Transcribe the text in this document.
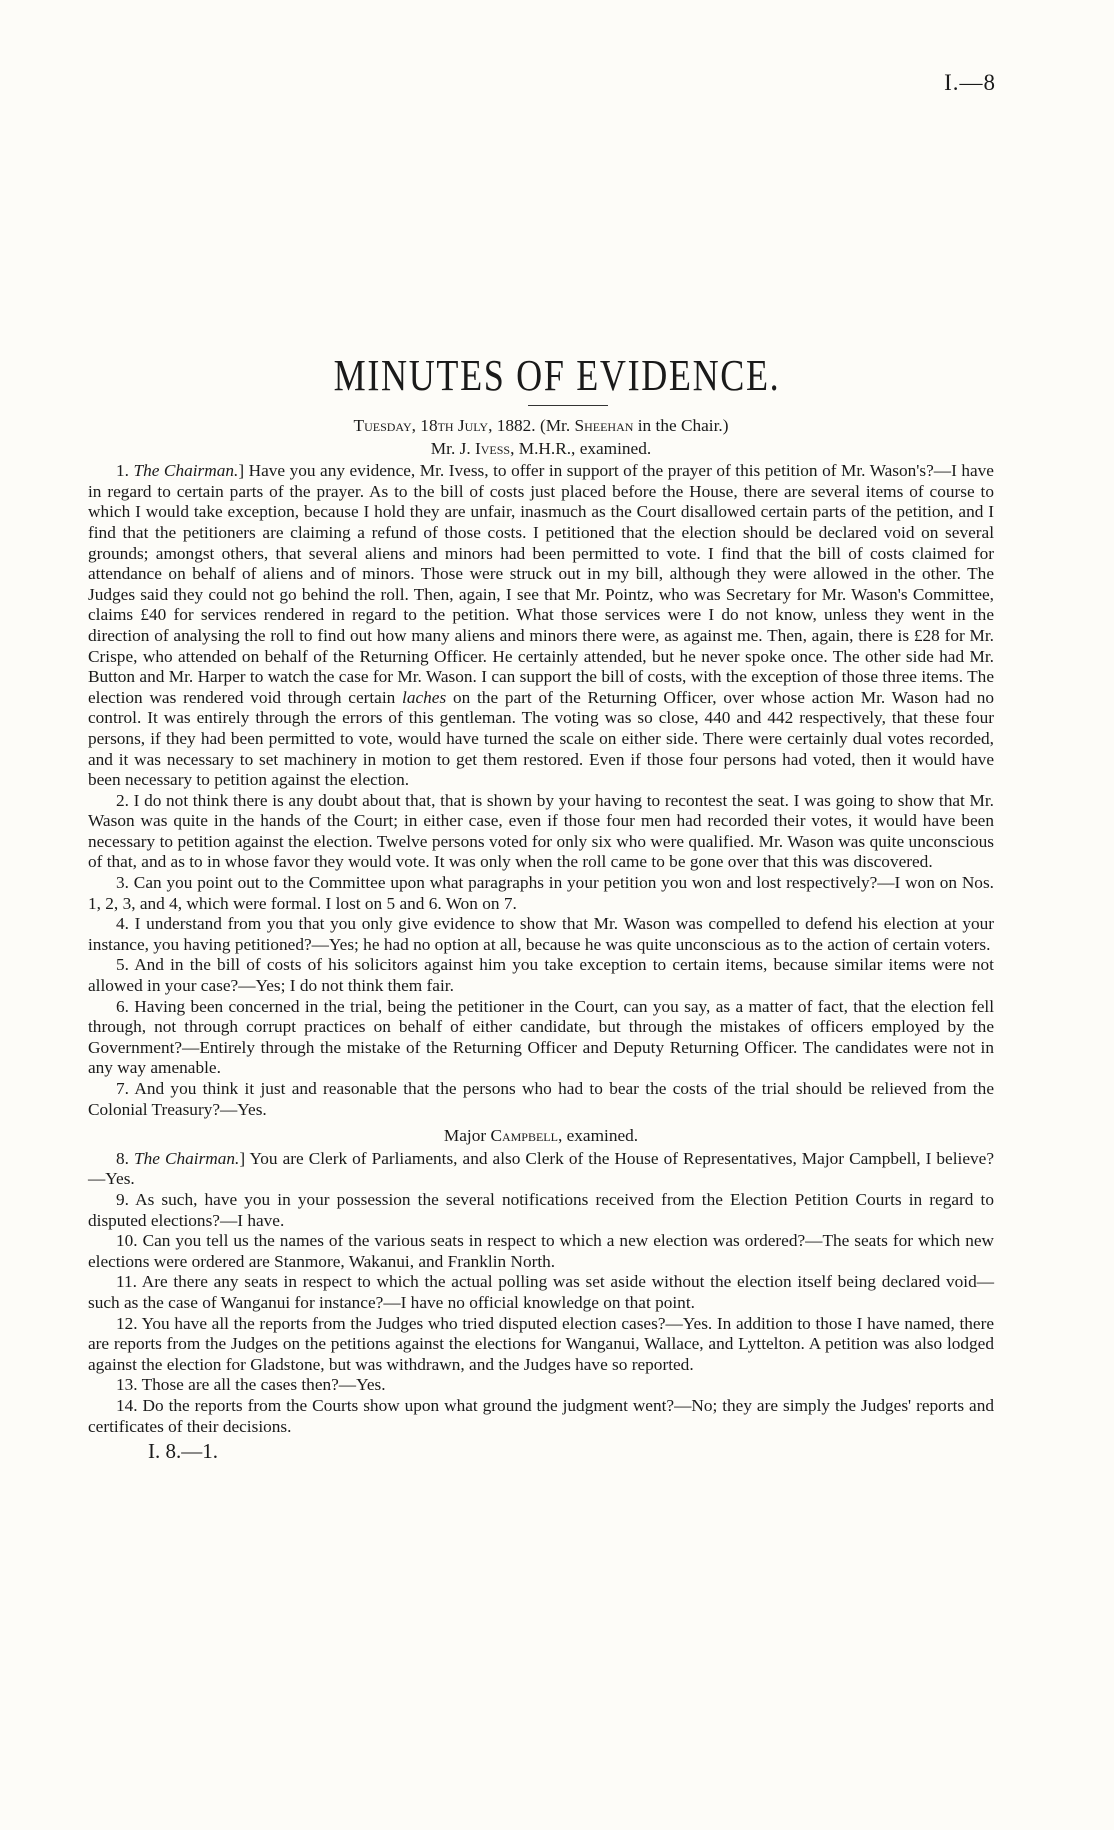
I.—8
MINUTES OF EVIDENCE.
Tuesday, 18th July, 1882. (Mr. Sheehan in the Chair.)
Mr. J. Ivess, M.H.R., examined.

1. The Chairman.] Have you any evidence, Mr. Ivess, to offer in support of the prayer of this petition of Mr. Wason's?—I have in regard to certain parts of the prayer. As to the bill of costs just placed before the House, there are several items of course to which I would take exception, because I hold they are unfair, inasmuch as the Court disallowed certain parts of the petition, and I find that the petitioners are claiming a refund of those costs. I petitioned that the election should be declared void on several grounds; amongst others, that several aliens and minors had been permitted to vote. I find that the bill of costs claimed for attendance on behalf of aliens and of minors. Those were struck out in my bill, although they were allowed in the other. The Judges said they could not go behind the roll. Then, again, I see that Mr. Pointz, who was Secretary for Mr. Wason's Committee, claims £40 for services rendered in regard to the petition. What those services were I do not know, unless they went in the direction of analysing the roll to find out how many aliens and minors there were, as against me. Then, again, there is £28 for Mr. Crispe, who attended on behalf of the Returning Officer. He certainly attended, but he never spoke once. The other side had Mr. Button and Mr. Harper to watch the case for Mr. Wason. I can support the bill of costs, with the exception of those three items. The election was rendered void through certain laches on the part of the Returning Officer, over whose action Mr. Wason had no control. It was entirely through the errors of this gentleman. The voting was so close, 440 and 442 respectively, that these four persons, if they had been permitted to vote, would have turned the scale on either side. There were certainly dual votes recorded, and it was necessary to set machinery in motion to get them restored. Even if those four persons had voted, then it would have been necessary to petition against the election.

2. I do not think there is any doubt about that, that is shown by your having to recontest the seat. I was going to show that Mr. Wason was quite in the hands of the Court; in either case, even if those four men had recorded their votes, it would have been necessary to petition against the election. Twelve persons voted for only six who were qualified. Mr. Wason was quite unconscious of that, and as to in whose favor they would vote. It was only when the roll came to be gone over that this was discovered.

3. Can you point out to the Committee upon what paragraphs in your petition you won and lost respectively?—I won on Nos. 1, 2, 3, and 4, which were formal. I lost on 5 and 6. Won on 7.

4. I understand from you that you only give evidence to show that Mr. Wason was compelled to defend his election at your instance, you having petitioned?—Yes; he had no option at all, because he was quite unconscious as to the action of certain voters.

5. And in the bill of costs of his solicitors against him you take exception to certain items, because similar items were not allowed in your case?—Yes; I do not think them fair.

6. Having been concerned in the trial, being the petitioner in the Court, can you say, as a matter of fact, that the election fell through, not through corrupt practices on behalf of either candidate, but through the mistakes of officers employed by the Government?—Entirely through the mistake of the Returning Officer and Deputy Returning Officer. The candidates were not in any way amenable.

7. And you think it just and reasonable that the persons who had to bear the costs of the trial should be relieved from the Colonial Treasury?—Yes.

Major Campbell, examined.

8. The Chairman.] You are Clerk of Parliaments, and also Clerk of the House of Representatives, Major Campbell, I believe?—Yes.

9. As such, have you in your possession the several notifications received from the Election Petition Courts in regard to disputed elections?—I have.

10. Can you tell us the names of the various seats in respect to which a new election was ordered?—The seats for which new elections were ordered are Stanmore, Wakanui, and Franklin North.

11. Are there any seats in respect to which the actual polling was set aside without the election itself being declared void—such as the case of Wanganui for instance?—I have no official knowledge on that point.

12. You have all the reports from the Judges who tried disputed election cases?—Yes. In addition to those I have named, there are reports from the Judges on the petitions against the elections for Wanganui, Wallace, and Lyttelton. A petition was also lodged against the election for Gladstone, but was withdrawn, and the Judges have so reported.

13. Those are all the cases then?—Yes.

14. Do the reports from the Courts show upon what ground the judgment went?—No; they are simply the Judges' reports and certificates of their decisions.

I. 8.—1.
